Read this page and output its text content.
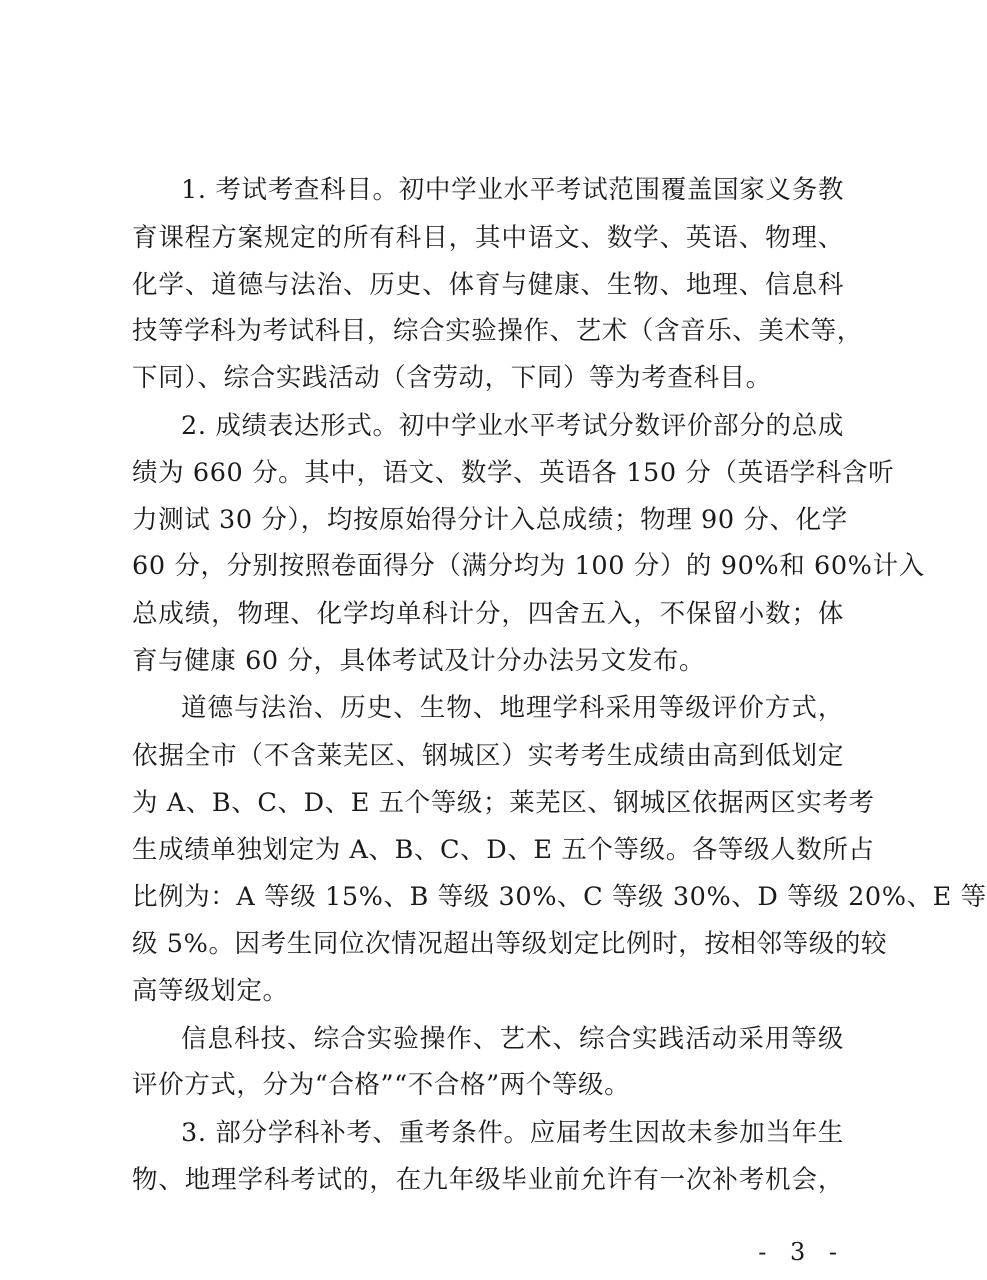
1. 考试考查科目。初中学业水平考试范围覆盖国家义务教
育课程方案规定的所有科目，其中语文、数学、英语、物理、
化学、道德与法治、历史、体育与健康、生物、地理、信息科
技等学科为考试科目，综合实验操作、艺术（含音乐、美术等，
下同）、综合实践活动（含劳动，下同）等为考查科目。
2. 成绩表达形式。初中学业水平考试分数评价部分的总成
绩为 660 分。其中，语文、数学、英语各 150 分（英语学科含听
力测试 30 分），均按原始得分计入总成绩；物理 90 分、化学
60 分，分别按照卷面得分（满分均为 100 分）的 90%和 60%计入
总成绩，物理、化学均单科计分，四舍五入，不保留小数；体
育与健康 60 分，具体考试及计分办法另文发布。
道德与法治、历史、生物、地理学科采用等级评价方式，
依据全市（不含莱芜区、钢城区）实考考生成绩由高到低划定
为 A、B、C、D、E 五个等级；莱芜区、钢城区依据两区实考考
生成绩单独划定为 A、B、C、D、E 五个等级。各等级人数所占
比例为：A 等级 15%、B 等级 30%、C 等级 30%、D 等级 20%、E 等
级 5%。因考生同位次情况超出等级划定比例时，按相邻等级的较
高等级划定。
信息科技、综合实验操作、艺术、综合实践活动采用等级
评价方式，分为“合格”“不合格”两个等级。
3. 部分学科补考、重考条件。应届考生因故未参加当年生
物、地理学科考试的，在九年级毕业前允许有一次补考机会，
- 3 -
